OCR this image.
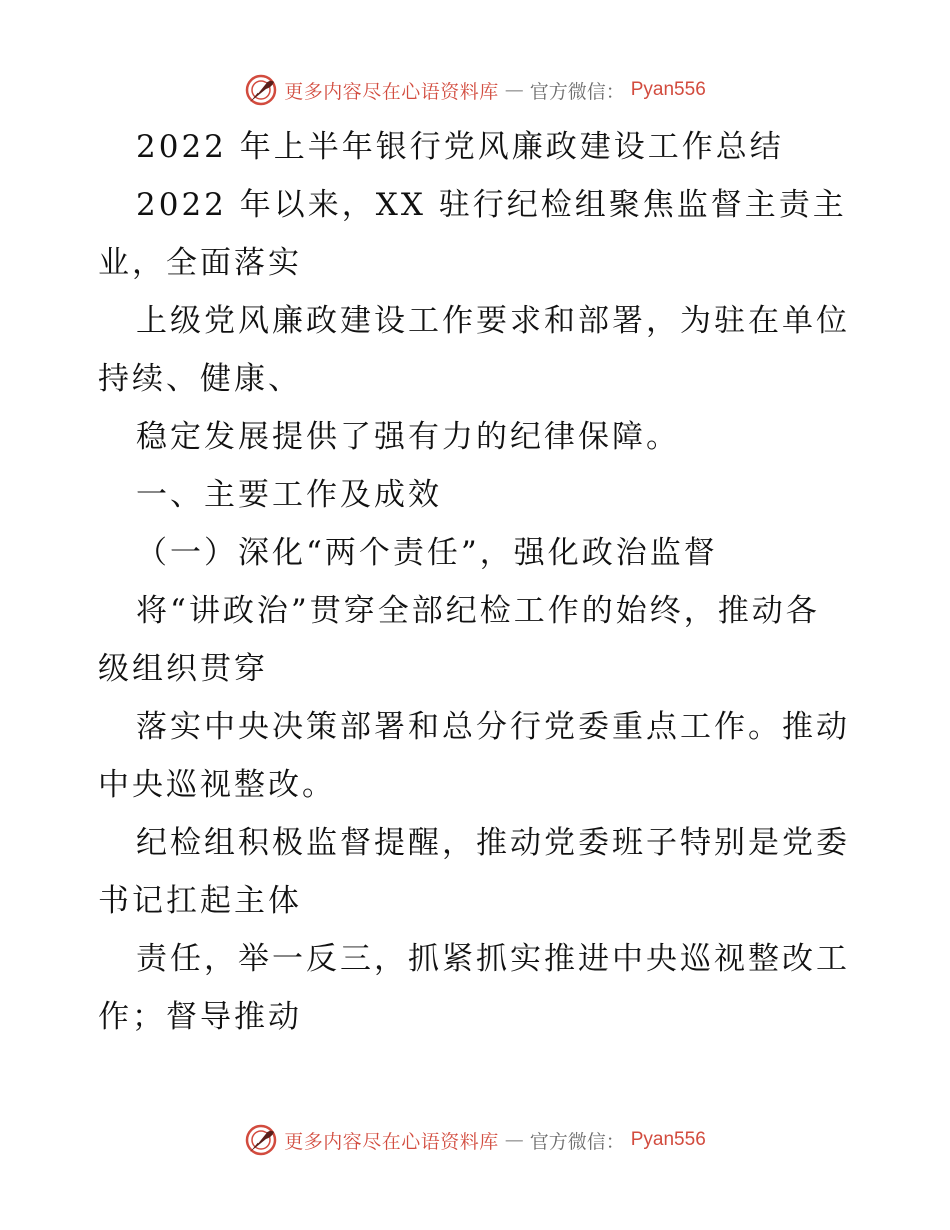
更多内容尽在心语资料库 — 官方微信： Pyan556
2022 年上半年银行党风廉政建设工作总结
2022 年以来，XX 驻行纪检组聚焦监督主责主
业，全面落实
上级党风廉政建设工作要求和部署，为驻在单位
持续、健康、
稳定发展提供了强有力的纪律保障。
一、主要工作及成效
（一）深化“两个责任”，强化政治监督
将“讲政治”贯穿全部纪检工作的始终，推动各
级组织贯穿
落实中央决策部署和总分行党委重点工作。推动
中央巡视整改。
纪检组积极监督提醒，推动党委班子特别是党委
书记扛起主体
责任，举一反三，抓紧抓实推进中央巡视整改工
作；督导推动
更多内容尽在心语资料库 — 官方微信： Pyan556
